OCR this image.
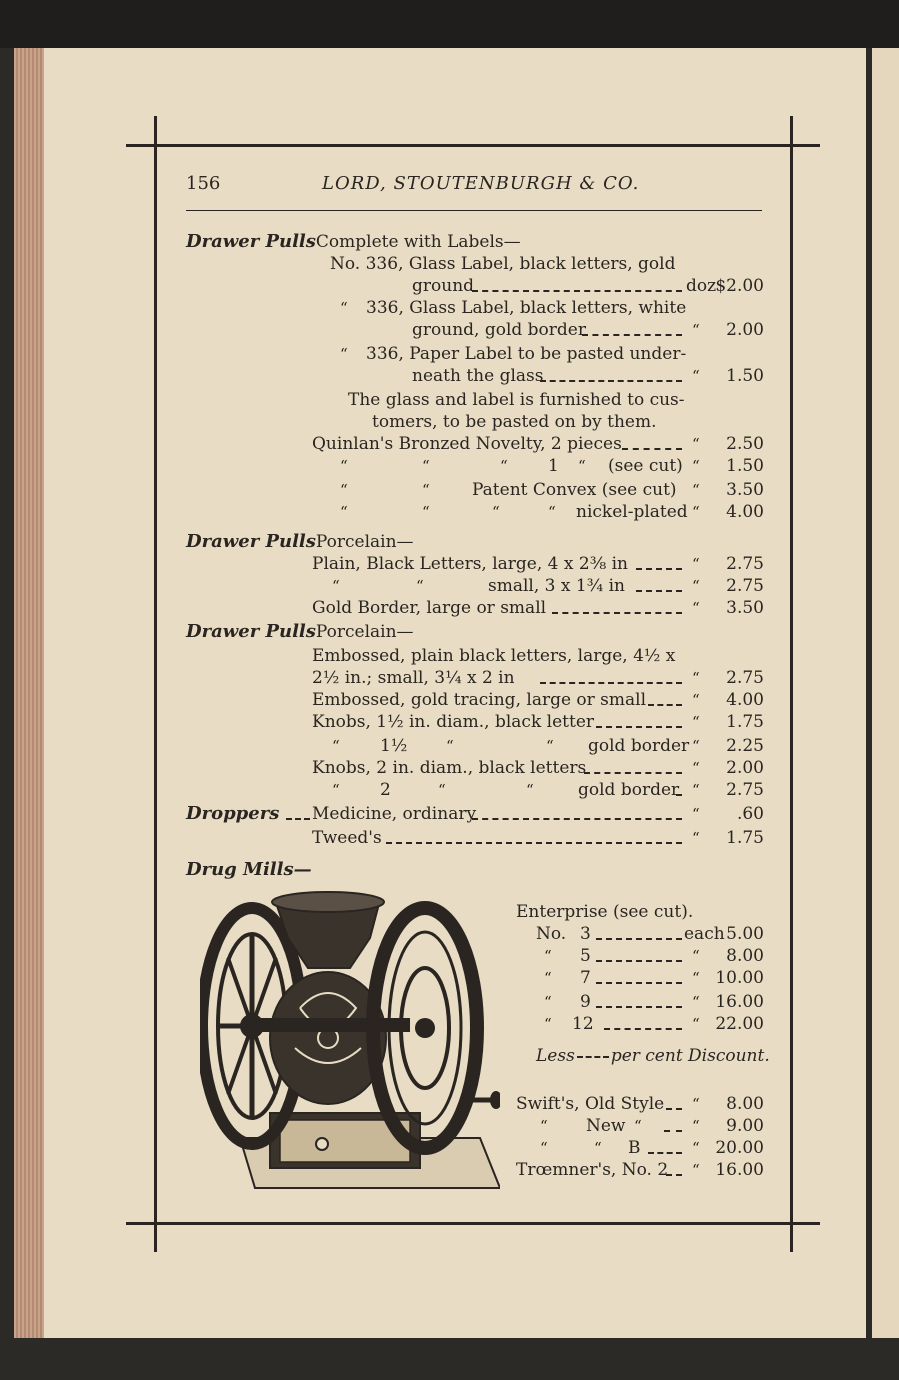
156	LORD, STOUTENBURGH & CO.
Drawer PullsComplete with Labels—
No. 336, Glass Label, black letters, gold
ground	doz $2.00
“ 336, Glass Label, black letters, white
ground, gold border	“	2.00
“ 336, Paper Label to be pasted under-
neath the glass	“	1.50
The glass and label is furnished to cus-
tomers, to be pasted on by them.
Quinlan's Bronzed Novelty, 2 pieces	“	2.50
“	“	“ 1 “ (see cut) “	1.50
“	“ Patent Convex (see cut) “	3.50
“	“	“	“ nickel-plated “	4.00
Drawer PullsPorcelain—
Plain, Black Letters, large, 4 x 2⅜ in	“	2.75
“	“	small, 3 x 1¾ in	“	2.75
Gold Border, large or small	“	3.50
Drawer PullsPorcelain—
Embossed, plain black letters, large, 4½ x
2½ in.; small, 3¼ x 2 in	“	2.75
Embossed, gold tracing, large or small	“	4.00
Knobs, 1½ in. diam., black letter	“	1.75
“ 1½	“	“ gold border “	2.25
Knobs, 2 in. diam., black letters	“	2.00
“ 2	“	“	gold border “	2.75
Droppers Medicine, ordinary	“	.60
Tweed's	“	1.75
Drug Mills—
Enterprise (see cut).
No. 3	each 5.00
“ 5	“	8.00
“ 7	“ 10.00
“ 9	“ 16.00
“ 12	“ 22.00
Less per cent Discount.
Swift's, Old Style “	8.00
“ New “	“	9.00
“	“ B	“ 20.00
Trœmner's, No. 2 “ 16.00
